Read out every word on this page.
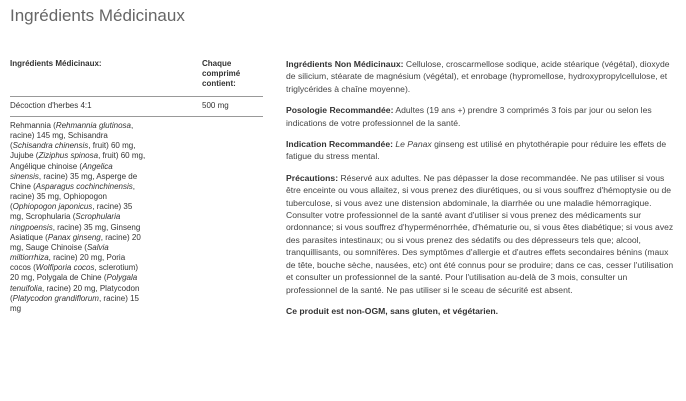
Ingrédients Médicinaux
Ingrédients Médicinaux:	Chaque comprimé contient:
Décoction d'herbes 4:1	500 mg
Rehmannia (Rehmannia glutinosa, racine) 145 mg, Schisandra (Schisandra chinensis, fruit) 60 mg, Jujube (Ziziphus spinosa, fruit) 60 mg, Angélique chinoise (Angelica sinensis, racine) 35 mg, Asperge de Chine (Asparagus cochinchinensis, racine) 35 mg, Ophiopogon (Ophiopogon japonicus, racine) 35 mg, Scrophularia (Scrophularia ningpoensis, racine) 35 mg, Ginseng Asiatique (Panax ginseng, racine) 20 mg, Sauge Chinoise (Salvia miltiorrhiza, racine) 20 mg, Poria cocos (Wolfiporia cocos, sclerotium) 20 mg, Polygala de Chine (Polygala tenuifolia, racine) 20 mg, Platycodon (Platycodon grandiflorum, racine) 15 mg

Ingrédients Non Médicinaux: Cellulose, croscarmellose sodique, acide stéarique (végétal), dioxyde de silicium, stéarate de magnésium (végétal), et enrobage (hypromellose, hydroxypropylcellulose, et triglycérides à chaîne moyenne).

Posologie Recommandée: Adultes (19 ans +) prendre 3 comprimés 3 fois par jour ou selon les indications de votre professionnel de la santé.

Indication Recommandée: Le Panax ginseng est utilisé en phytothérapie pour réduire les effets de fatigue du stress mental.

Précautions: Réservé aux adultes. Ne pas dépasser la dose recommandée. Ne pas utiliser si vous être enceinte ou vous allaitez, si vous prenez des diurétiques, ou si vous souffrez d'hémoptysie ou de tuberculose, si vous avez une distension abdominale, la diarrhée ou une maladie hémorragique. Consulter votre professionnel de la santé avant d'utiliser si vous prenez des médicaments sur ordonnance; si vous souffrez d'hyperménorrhée, d'hématurie ou, si vous êtes diabétique; si vous avez des parasites intestinaux; ou si vous prenez des sédatifs ou des dépresseurs tels que; alcool, tranquillisants, ou somnifères. Des symptômes d'allergie et d'autres effets secondaires bénins (maux de tête, bouche sèche, nausées, etc) ont été connus pour se produire; dans ce cas, cesser l'utilisation et consulter un professionnel de la santé. Pour l'utilisation au-delà de 3 mois, consulter un professionnel de la santé. Ne pas utiliser si le sceau de sécurité est absent.

Ce produit est non-OGM, sans gluten, et végétarien.
